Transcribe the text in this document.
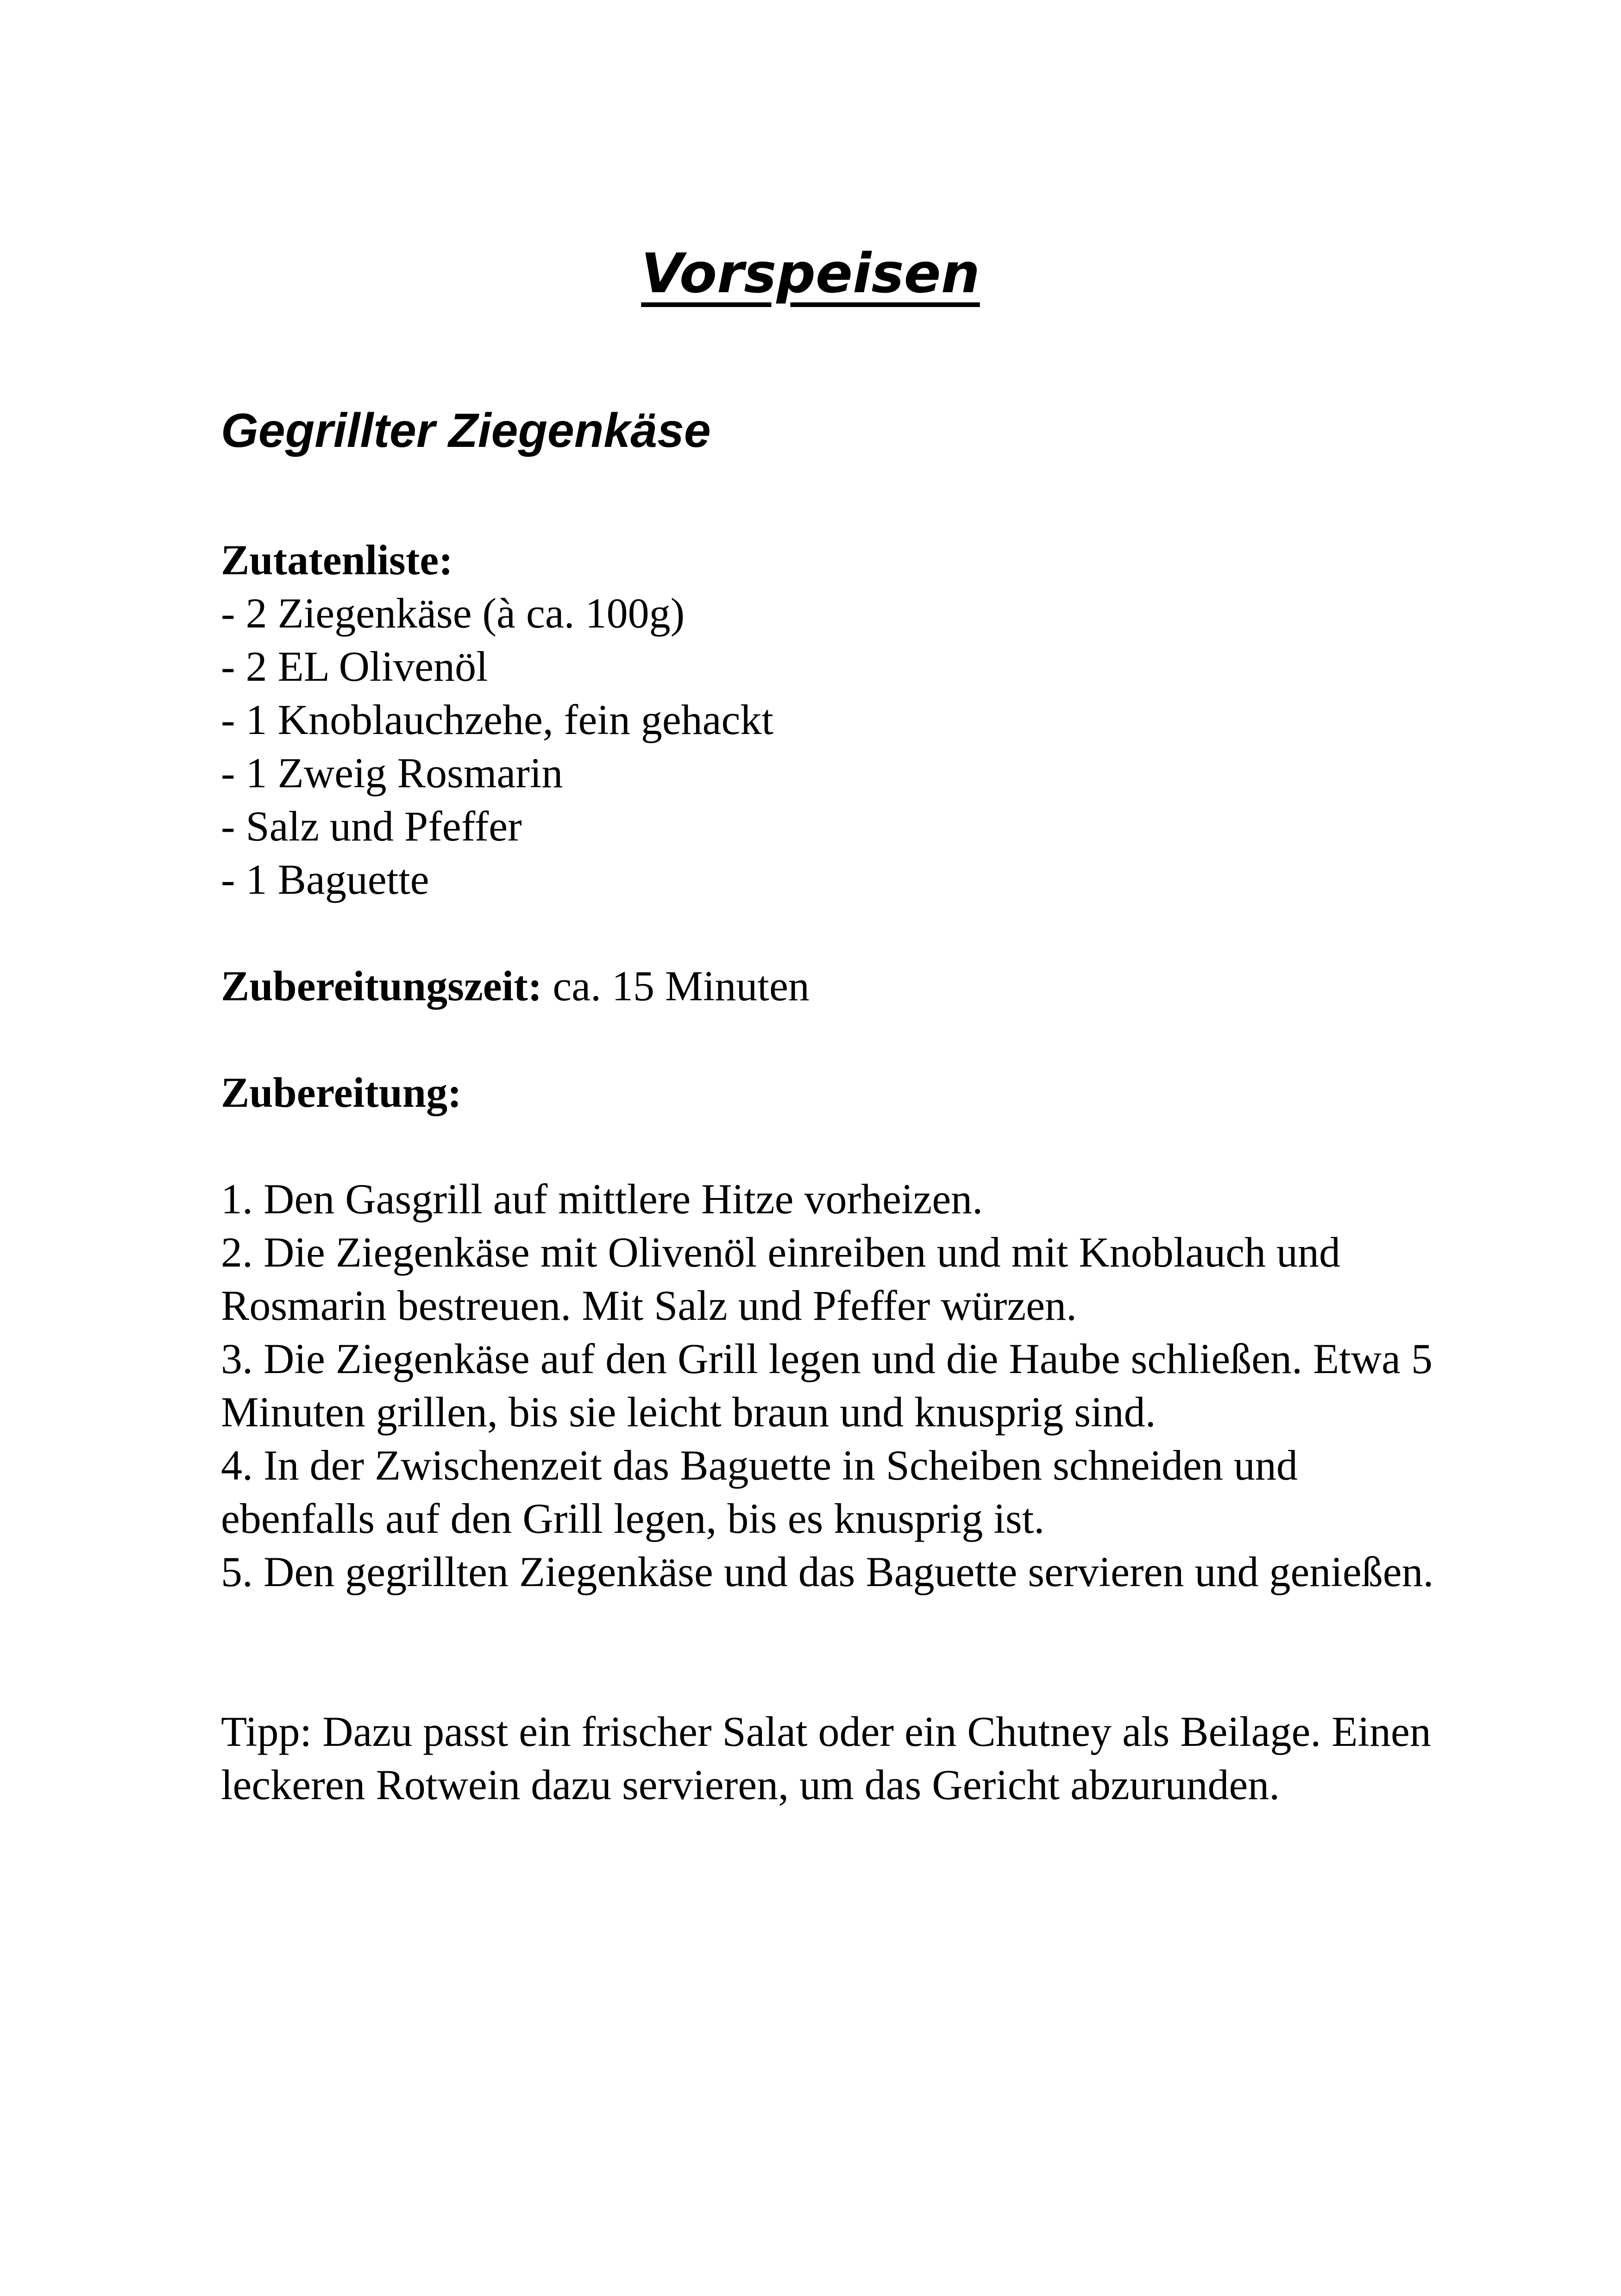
Vorspeisen
Gegrillter Ziegenkäse
Zutatenliste:
- 2 Ziegenkäse (à ca. 100g)
- 2 EL Olivenöl
- 1 Knoblauchzehe, fein gehackt
- 1 Zweig Rosmarin
- Salz und Pfeffer
- 1 Baguette
Zubereitungszeit: ca. 15 Minuten
Zubereitung:
1. Den Gasgrill auf mittlere Hitze vorheizen.
2. Die Ziegenkäse mit Olivenöl einreiben und mit Knoblauch und Rosmarin bestreuen. Mit Salz und Pfeffer würzen.
3. Die Ziegenkäse auf den Grill legen und die Haube schließen. Etwa 5 Minuten grillen, bis sie leicht braun und knusprig sind.
4. In der Zwischenzeit das Baguette in Scheiben schneiden und ebenfalls auf den Grill legen, bis es knusprig ist.
5. Den gegrillten Ziegenkäse und das Baguette servieren und genießen.

Tipp: Dazu passt ein frischer Salat oder ein Chutney als Beilage. Einen leckeren Rotwein dazu servieren, um das Gericht abzurunden.
